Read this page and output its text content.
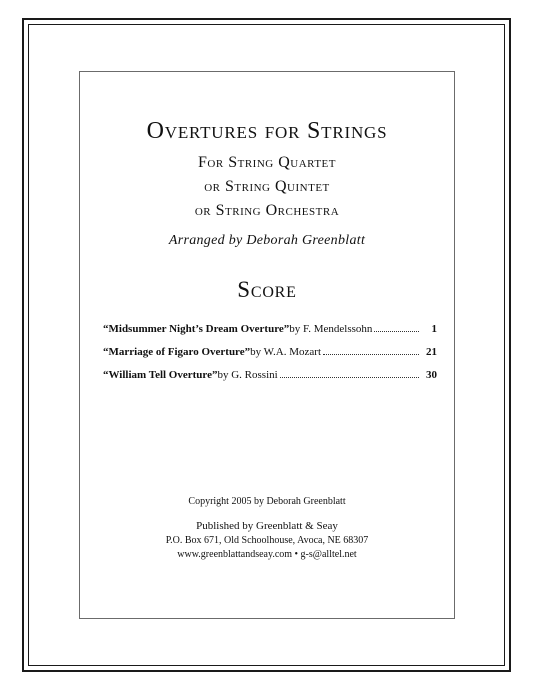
Overtures for Strings
For String Quartet
or String Quintet
or String Orchestra
Arranged by Deborah Greenblatt
Score
“Midsummer Night’s Dream Overture” by F. Mendelssohn	1
“Marriage of Figaro Overture” by W.A. Mozart	21
“William Tell Overture” by G. Rossini	30
Copyright 2005 by Deborah Greenblatt
Published by Greenblatt & Seay
P.O. Box 671, Old Schoolhouse, Avoca, NE 68307
www.greenblattandseay.com • g-s@alltel.net
